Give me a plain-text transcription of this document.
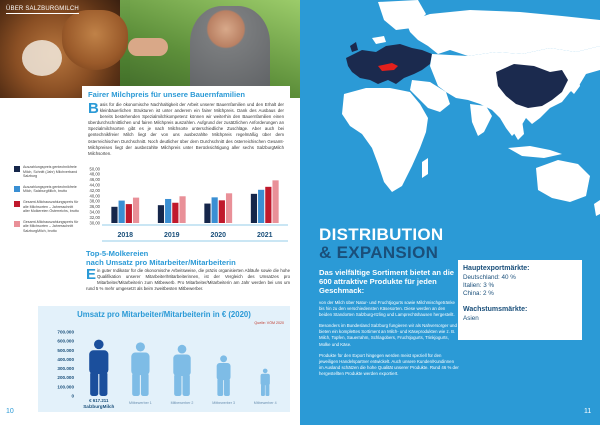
ÜBER SALZBURGMILCH
Fairer Milchpreis für unsere Bauernfamilien
Basis für die ökonomische Nachhaltigkeit der Arbeit unserer Bauernfamilien und den Erhalt der kleinbäuerlichen Strukturen ist unter anderem ein fairer Milchpreis. Dank des Ausbaus der bereits bestehenden Spezialmilchkompetenz können wir weiterhin den Bauernfamilien einen überdurchschnittlichen und fairen Milchpreis auszahlen. Aufgrund der zusätzlichen Anforderungen an Spezialmilchsorten gibt es je nach Milchsorte unterschiedliche Zuschläge. Aber auch bei gentechnikfreier Milch liegt der von uns ausbezahlte Milchpreis regelmäßig über dem österreichischen Durchschnitt. Noch deutlicher über dem Durchschnitt des österreichischen Gesamt-Milchpreises liegt der ausbezahlte Milchpreis unter Berücksichtigung aller sechs SalzburgMilch Milchsorten.
Auszahlungspreis gentechnikfreie Milch, Schnitt (Jahr) Milchverband Salzburg
Auszahlungspreis gentechnikfreie Milch, SalzburgMilch, brutto
Gesamt-Milchauszahlungspreis für alle Milchsorten – Jahresschnitt aller Molkereien Österreichs, brutto
Gesamt-Milchauszahlungspreis für alle Milchsorten – Jahresschnitt SalzburgMilch, brutto
50,00
48,00
46,00
44,00
42,00
40,00
38,00
36,00
34,00
32,00
30,00
2018	2019	2020	2021
Top-5-Molkereien
nach Umsatz pro Mitarbeiter/Mitarbeiterin
Ein guter Indikator für die ökonomische Arbeitsweise, die präzis organisierten Abläufe sowie die hohe Qualifikation unserer Mitarbeiter/Mitarbeiterinnen, ist der Vergleich des Umsatzes pro Mitarbeiter/Mitarbeiterin zum Mitbewerb. Pro Mitarbeiter/Mitarbeiterin am Jahr werden bei uns um rund 5 % mehr umgesetzt als beim zweitbesten Mitbewerber.
Umsatz pro Mitarbeiter/Mitarbeiterin in € (2020)
Quelle: VÖM 2020
700.000
600.000
500.000
400.000
300.000
200.000
100.000
0
€ 617.211
SalzburgMilch
Mitbewerber 1	Mitbewerber 2	Mitbewerber 3	Mitbewerber 4
10
DISTRIBUTION
& EXPANSION
Das vielfältige Sortiment bietet an die 600 attraktive Produkte für jeden Geschmack:

von der Milch über Natur- und Fruchtjogurts sowie Milchmischgetränke bis hin zu den verschiedensten Käsesorten. Diese werden an den beiden Standorten Salzburg-Itzling und Lamprechtshausen hergestellt.

Besonders im Bundesland Salzburg fungieren wir als Nahversorger und bieten ein komplettes Sortiment an Milch- und Käseprodukten wie z. B. Milch, Topfen, Sauerrahm, Schlagobers, Fruchtjogurts, Trinkjogurts, Molke und Käse.

Produkte für den Export hingegen werden meist speziell für den jeweiligen Handelspartner entwickelt. Auch unsere Kunden/Kundinnen im Ausland schätzen die hohe Qualität unserer Produkte. Rund 46 % der hergestellten Produkte werden exportiert.

Hauptexportmärkte:
Deutschland: 40 %
Italien: 3 %
China: 2 %
Wachstumsmärkte:
Asien
11
